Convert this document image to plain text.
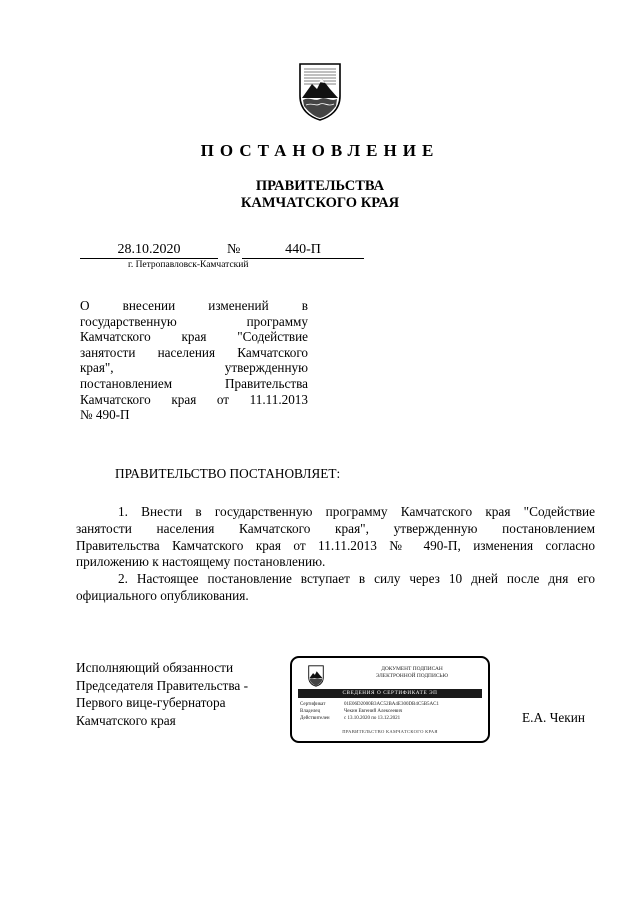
ПОСТАНОВЛЕНИЕ
ПРАВИТЕЛЬСТВА
КАМЧАТСКОГО КРАЯ
28.10.2020	№	440-П
г. Петропавловск-Камчатский
О внесении изменений в
государственную программу
Камчатского края "Содействие
занятости населения Камчатского
края", утвержденную
постановлением Правительства
Камчатского края от 11.11.2013
№ 490-П
ПРАВИТЕЛЬСТВО ПОСТАНОВЛЯЕТ:
1. Внести в государственную программу Камчатского края "Содействие
занятости населения Камчатского края", утвержденную постановлением
Правительства Камчатского края от 11.11.2013 № 490-П, изменения согласно
приложению к настоящему постановлению.
2. Настоящее постановление вступает в силу через 10 дней после дня его
официального опубликования.
Исполняющий обязанности
Председателя Правительства -
Первого вице-губернатора
Камчатского края
ДОКУМЕНТ ПОДПИСАН
ЭЛЕКТРОННОЙ ПОДПИСЬЮ
СВЕДЕНИЯ О СЕРТИФИКАТЕ ЭП
Сертификат	01E06D2000B3AC52BA4E300DB4C5B5AC1
Владелец	Чекин Евгений Алексеевич
Действителен	с 13.10.2020 по 13.12.2021
ПРАВИТЕЛЬСТВО КАМЧАТСКОГО КРАЯ
Е.А. Чекин
